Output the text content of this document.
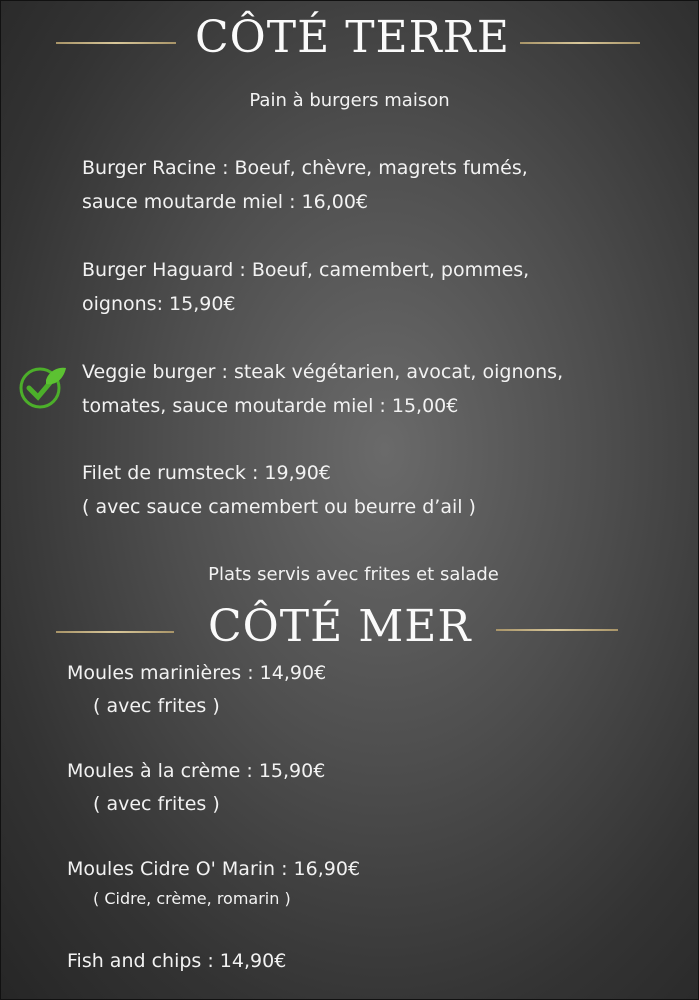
CÔTÉ TERRE
Pain à burgers maison
Burger Racine : Boeuf, chèvre, magrets fumés,
sauce moutarde miel : 16,00€
Burger Haguard : Boeuf, camembert, pommes,
oignons: 15,90€
Veggie burger : steak végétarien, avocat, oignons,
tomates, sauce moutarde miel : 15,00€
Filet de rumsteck : 19,90€
( avec sauce camembert ou beurre d’ail )
Plats servis avec frites et salade
CÔTÉ MER
Moules marinières : 14,90€
( avec frites )
Moules à la crème : 15,90€
( avec frites )
Moules Cidre O' Marin : 16,90€
( Cidre, crème, romarin )
Fish and chips : 14,90€
